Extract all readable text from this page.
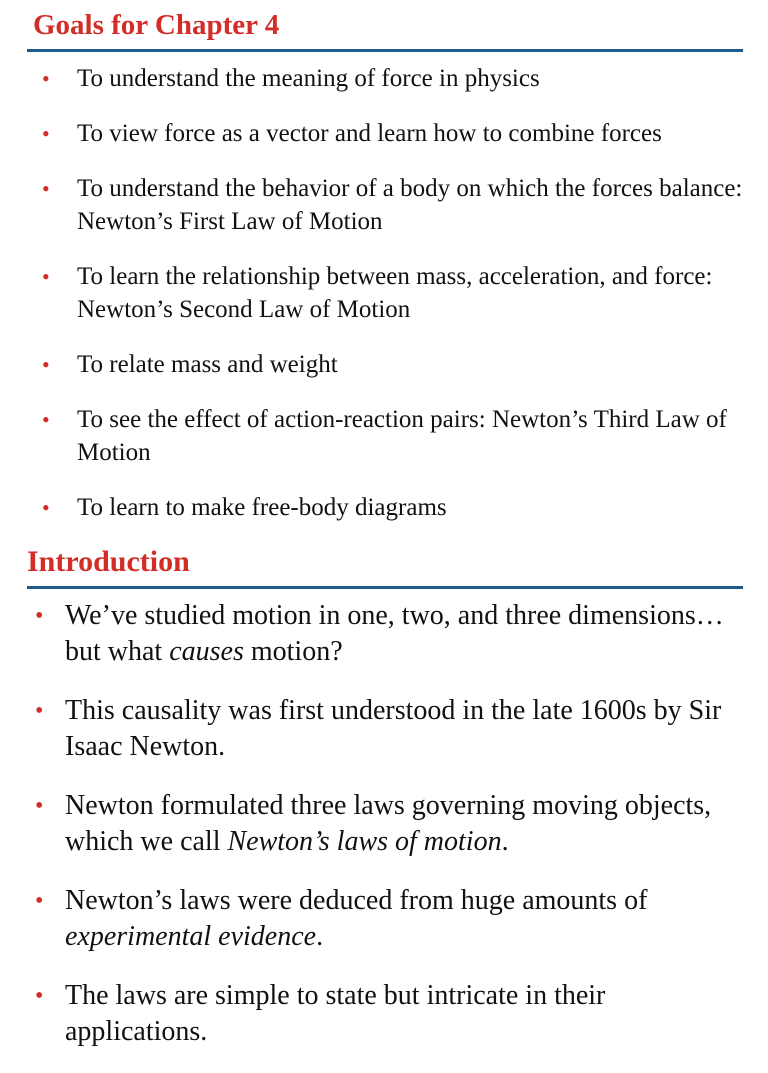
Goals for Chapter 4
• To understand the meaning of force in physics
• To view force as a vector and learn how to combine forces
• To understand the behavior of a body on which the forces balance: Newton’s First Law of Motion
• To learn the relationship between mass, acceleration, and force: Newton’s Second Law of Motion
• To relate mass and weight
• To see the effect of action-reaction pairs: Newton’s Third Law of Motion
• To learn to make free-body diagrams
Introduction
• We’ve studied motion in one, two, and three dimensions… but what causes motion?
• This causality was first understood in the late 1600s by Sir Isaac Newton.
• Newton formulated three laws governing moving objects, which we call Newton’s laws of motion.
• Newton’s laws were deduced from huge amounts of experimental evidence.
• The laws are simple to state but intricate in their applications.
